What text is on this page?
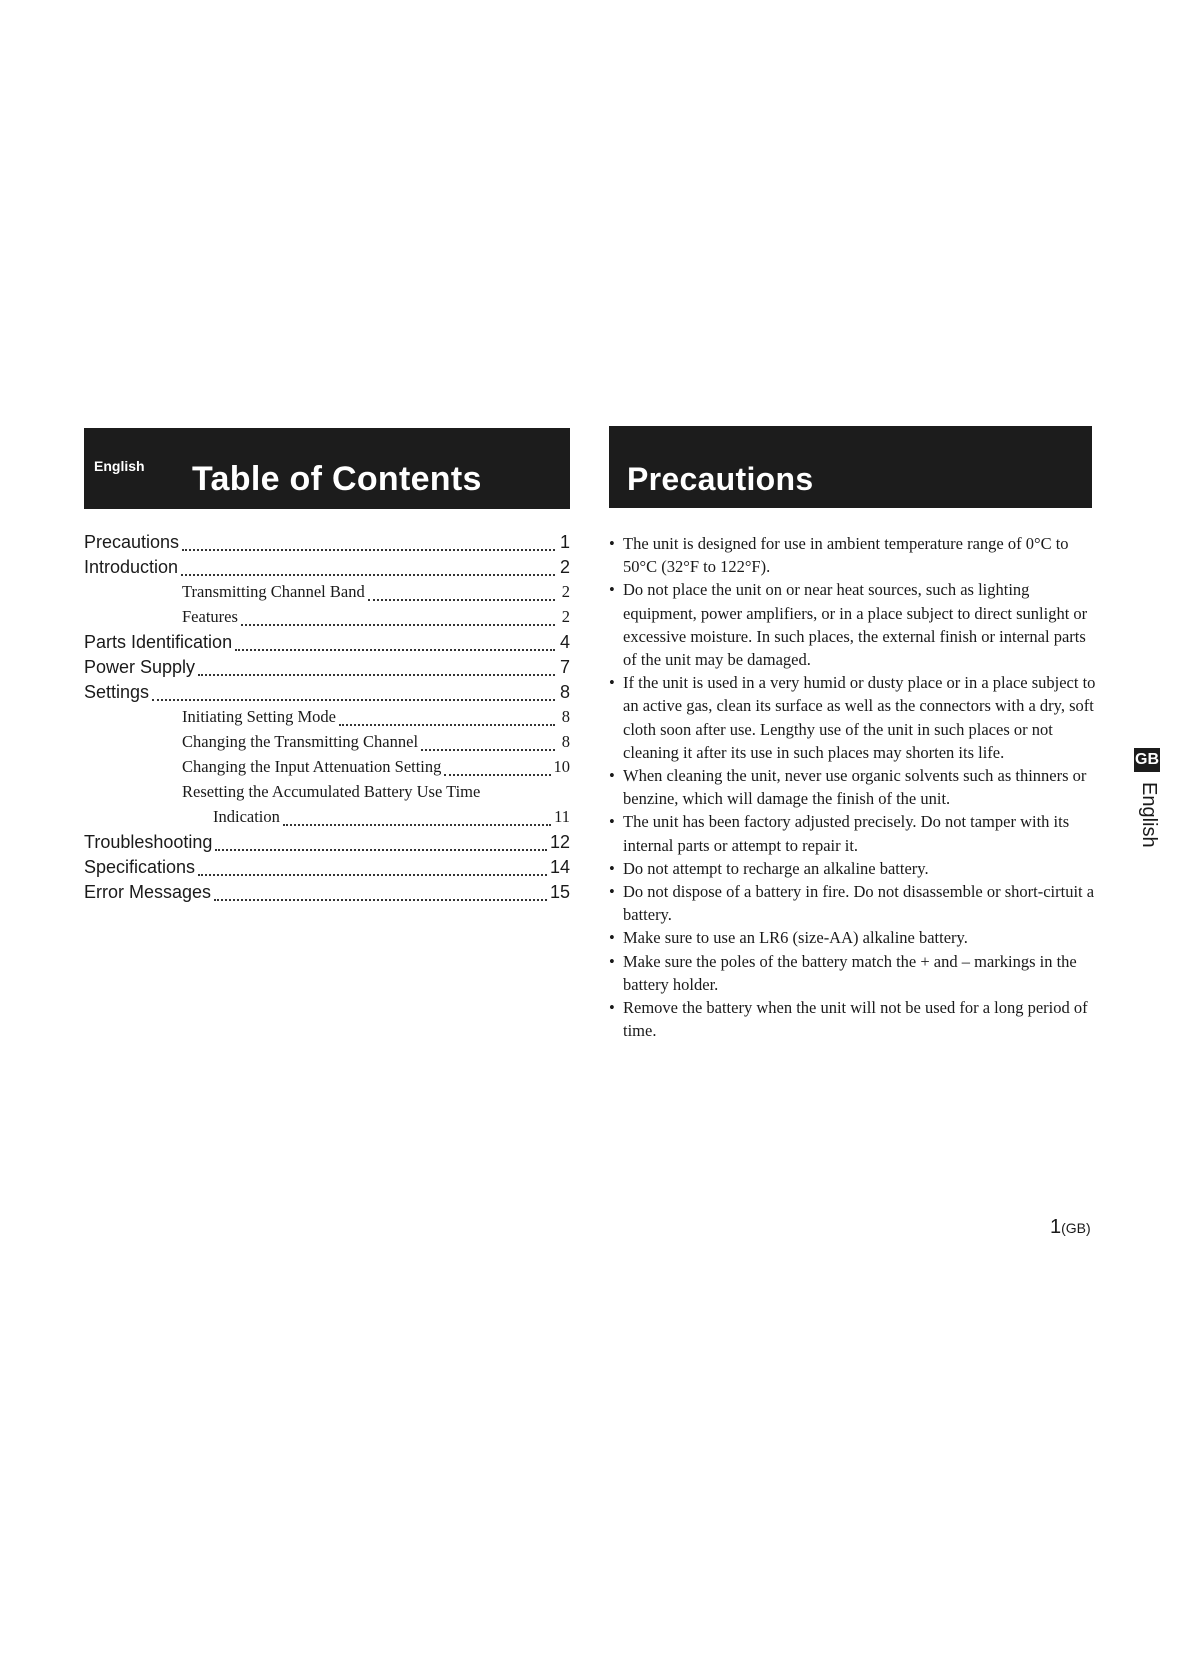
English Table of Contents	Precautions
Precautions	1
Introduction	2
Transmitting Channel Band	2
Features	2
Parts Identification	4
Power Supply	7
Settings	8
Initiating Setting Mode	8
Changing the Transmitting Channel	8
Changing the Input Attenuation Setting	10
Resetting the Accumulated Battery Use Time
Indication	11
Troubleshooting	12
Specifications	14
Error Messages	15
• The unit is designed for use in ambient temperature range of 0°C to 50°C (32°F to 122°F).
• Do not place the unit on or near heat sources, such as lighting equipment, power amplifiers, or in a place subject to direct sunlight or excessive moisture. In such places, the external finish or internal parts of the unit may be damaged.
• If the unit is used in a very humid or dusty place or in a place subject to an active gas, clean its surface as well as the connectors with a dry, soft cloth soon after use. Lengthy use of the unit in such places or not cleaning it after its use in such places may shorten its life.
• When cleaning the unit, never use organic solvents such as thinners or benzine, which will damage the finish of the unit.
• The unit has been factory adjusted precisely. Do not tamper with its internal parts or attempt to repair it.
• Do not attempt to recharge an alkaline battery.
• Do not dispose of a battery in fire. Do not disassemble or short-cirtuit a battery.
• Make sure to use an LR6 (size-AA) alkaline battery.
• Make sure the poles of the battery match the + and – markings in the battery holder.
• Remove the battery when the unit will not be used for a long period of time.
GB
English
1(GB)
